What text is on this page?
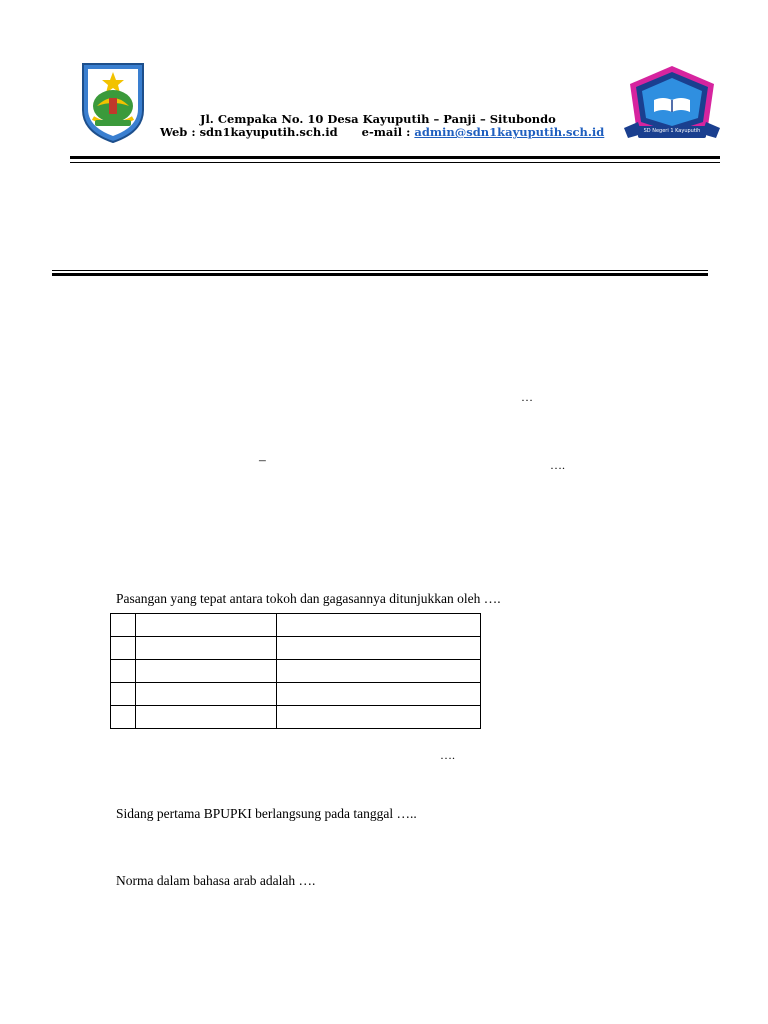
Jl. Cempaka No. 10 Desa Kayuputih – Panji – Situbondo
Web : sdn1kayuputih.sch.id e-mail : admin@sdn1kayuputih.sch.id	SD Negeri 1 Kayuputih
…
–	….
Pasangan yang tepat antara tokoh dan gagasannya ditunjukkan oleh ….

….
Sidang pertama BPUPKI berlangsung pada tanggal …..
Norma dalam bahasa arab adalah ….
